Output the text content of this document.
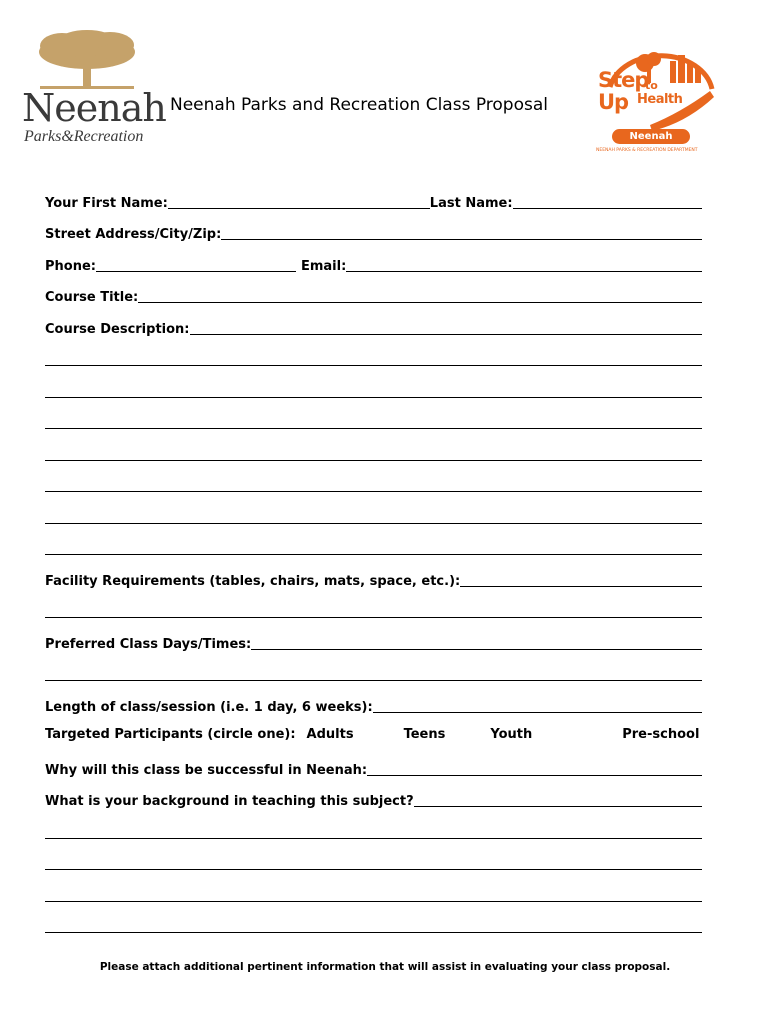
Neenah
Parks&Recreation
Neenah Parks and Recreation Class Proposal
Step
Up
to
Health
Neenah
NEENAH PARKS & RECREATION DEPARTMENT
Your First Name:	Last Name:
Street Address/City/Zip:
Phone:	Email:
Course Title:
Course Description:
Facility Requirements (tables, chairs, mats, space, etc.):
Preferred Class Days/Times:
Length of class/session (i.e. 1 day, 6 weeks):
Targeted Participants (circle one): Adults	Teens	Youth	Pre-school
Why will this class be successful in Neenah:
What is your background in teaching this subject?
Please attach additional pertinent information that will assist in evaluating your class proposal.
